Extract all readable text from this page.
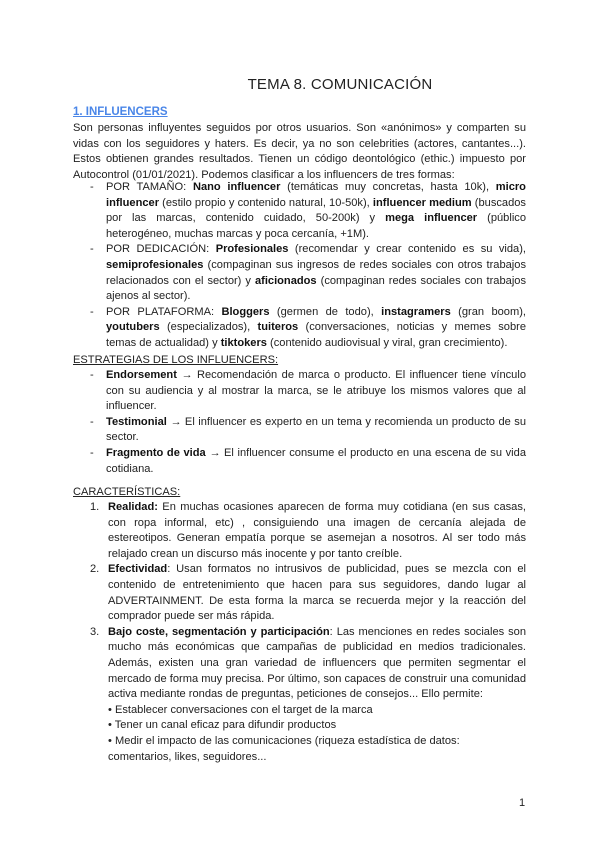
TEMA 8. COMUNICACIÓN
1. INFLUENCERS
Son personas influyentes seguidos por otros usuarios. Son «anónimos» y comparten su vidas con los seguidores y haters. Es decir, ya no son celebrities (actores, cantantes...). Estos obtienen grandes resultados. Tienen un código deontológico (ethic.) impuesto por Autocontrol (01/01/2021). Podemos clasificar a los influencers de tres formas:
- POR TAMAÑO: Nano influencer (temáticas muy concretas, hasta 10k), micro influencer (estilo propio y contenido natural, 10-50k), influencer medium (buscados por las marcas, contenido cuidado, 50-200k) y mega influencer (público heterogéneo, muchas marcas y poca cercanía, +1M).
- POR DEDICACIÓN: Profesionales (recomendar y crear contenido es su vida), semiprofesionales (compaginan sus ingresos de redes sociales con otros trabajos relacionados con el sector) y aficionados (compaginan redes sociales con trabajos ajenos al sector).
- POR PLATAFORMA: Bloggers (germen de todo), instagramers (gran boom), youtubers (especializados), tuiteros (conversaciones, noticias y memes sobre temas de actualidad) y tiktokers (contenido audiovisual y viral, gran crecimiento).
ESTRATEGIAS DE LOS INFLUENCERS:
- Endorsement → Recomendación de marca o producto. El influencer tiene vínculo con su audiencia y al mostrar la marca, se le atribuye los mismos valores que al influencer.
- Testimonial → El influencer es experto en un tema y recomienda un producto de su sector.
- Fragmento de vida → El influencer consume el producto en una escena de su vida cotidiana.
CARACTERÍSTICAS:
1. Realidad: En muchas ocasiones aparecen de forma muy cotidiana (en sus casas, con ropa informal, etc) , consiguiendo una imagen de cercanía alejada de estereotipos. Generan empatía porque se asemejan a nosotros. Al ser todo más relajado crean un discurso más inocente y por tanto creíble.
2. Efectividad: Usan formatos no intrusivos de publicidad, pues se mezcla con el contenido de entretenimiento que hacen para sus seguidores, dando lugar al ADVERTAINMENT. De esta forma la marca se recuerda mejor y la reacción del comprador puede ser más rápida.
3. Bajo coste, segmentación y participación: Las menciones en redes sociales son mucho más económicas que campañas de publicidad en medios tradicionales. Además, existen una gran variedad de influencers que permiten segmentar el mercado de forma muy precisa. Por último, son capaces de construir una comunidad activa mediante rondas de preguntas, peticiones de consejos... Ello permite:
• Establecer conversaciones con el target de la marca
• Tener un canal eficaz para difundir productos
• Medir el impacto de las comunicaciones (riqueza estadística de datos: comentarios, likes, seguidores...
1
